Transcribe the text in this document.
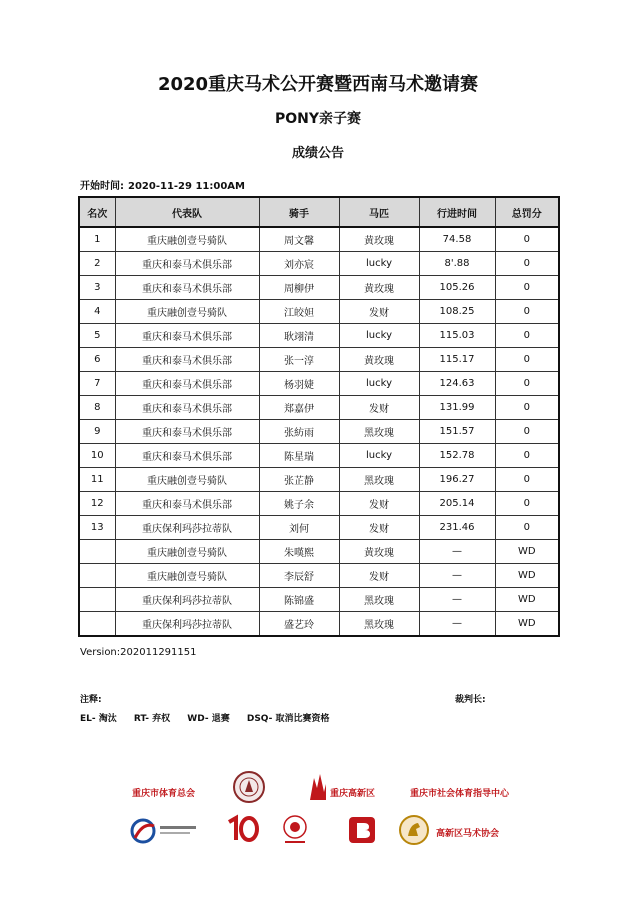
2020重庆马术公开赛暨西南马术邀请赛
PONY亲子赛
成绩公告
开始时间: 2020-11-29 11:00AM
名次	代表队	骑手	马匹	行进时间	总罚分
1	重庆融创壹号骑队	周文馨	黄玫瑰	74.58	0
2	重庆和泰马术俱乐部	刘亦宸	lucky	8'.88	0
3	重庆和泰马术俱乐部	周柳伊	黄玫瑰	105.26	0
4	重庆融创壹号骑队	江皎妲	发财	108.25	0
5	重庆和泰马术俱乐部	耿翊清	lucky	115.03	0
6	重庆和泰马术俱乐部	张一淳	黄玫瑰	115.17	0
7	重庆和泰马术俱乐部	杨羽婕	lucky	124.63	0
8	重庆和泰马术俱乐部	郑嘉伊	发财	131.99	0
9	重庆和泰马术俱乐部	张紡雨	黑玫瑰	151.57	0
10	重庆和泰马术俱乐部	陈星瑞	lucky	152.78	0
11	重庆融创壹号骑队	张芷静	黑玫瑰	196.27	0
12	重庆和泰马术俱乐部	姚子余	发财	205.14	0
13	重庆保利玛莎拉蒂队	刘何	发财	231.46	0
	重庆融创壹号骑队	朱嘆熙	黄玫瑰	—	WD
	重庆融创壹号骑队	李辰舒	发财	—	WD
	重庆保利玛莎拉蒂队	陈锦盛	黑玫瑰	—	WD
	重庆保利玛莎拉蒂队	盛艺玲	黑玫瑰	—	WD
Version:202011291151
注释:	裁判长:
EL- 淘汰 RT- 弃权 WD- 退赛 DSQ- 取消比赛资格
重庆市体育总会	重庆高新区	重庆市社会体育指导中心
高新区马术协会
